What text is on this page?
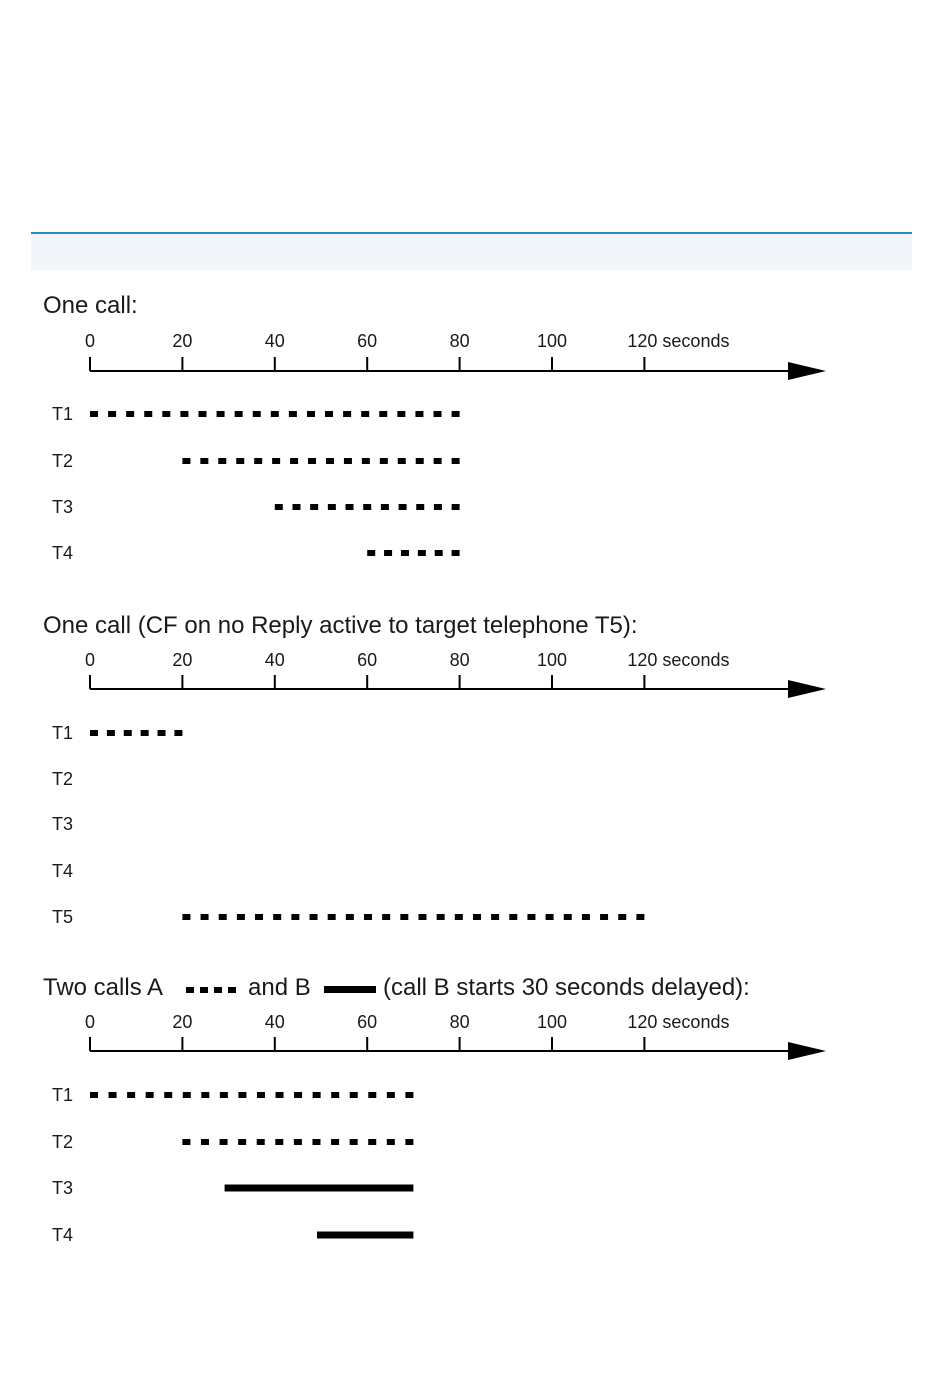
One call:
0	20	40	60	80	100	120 seconds
T1
T2
T3
T4
One call (CF on no Reply active to target telephone T5):
0	20	40	60	80	100	120 seconds
T1
T2
T3
T4
T5
Two calls A	and B	(call B starts 30 seconds delayed):
0	20	40	60	80	100	120 seconds
T1
T2
T3
T4
